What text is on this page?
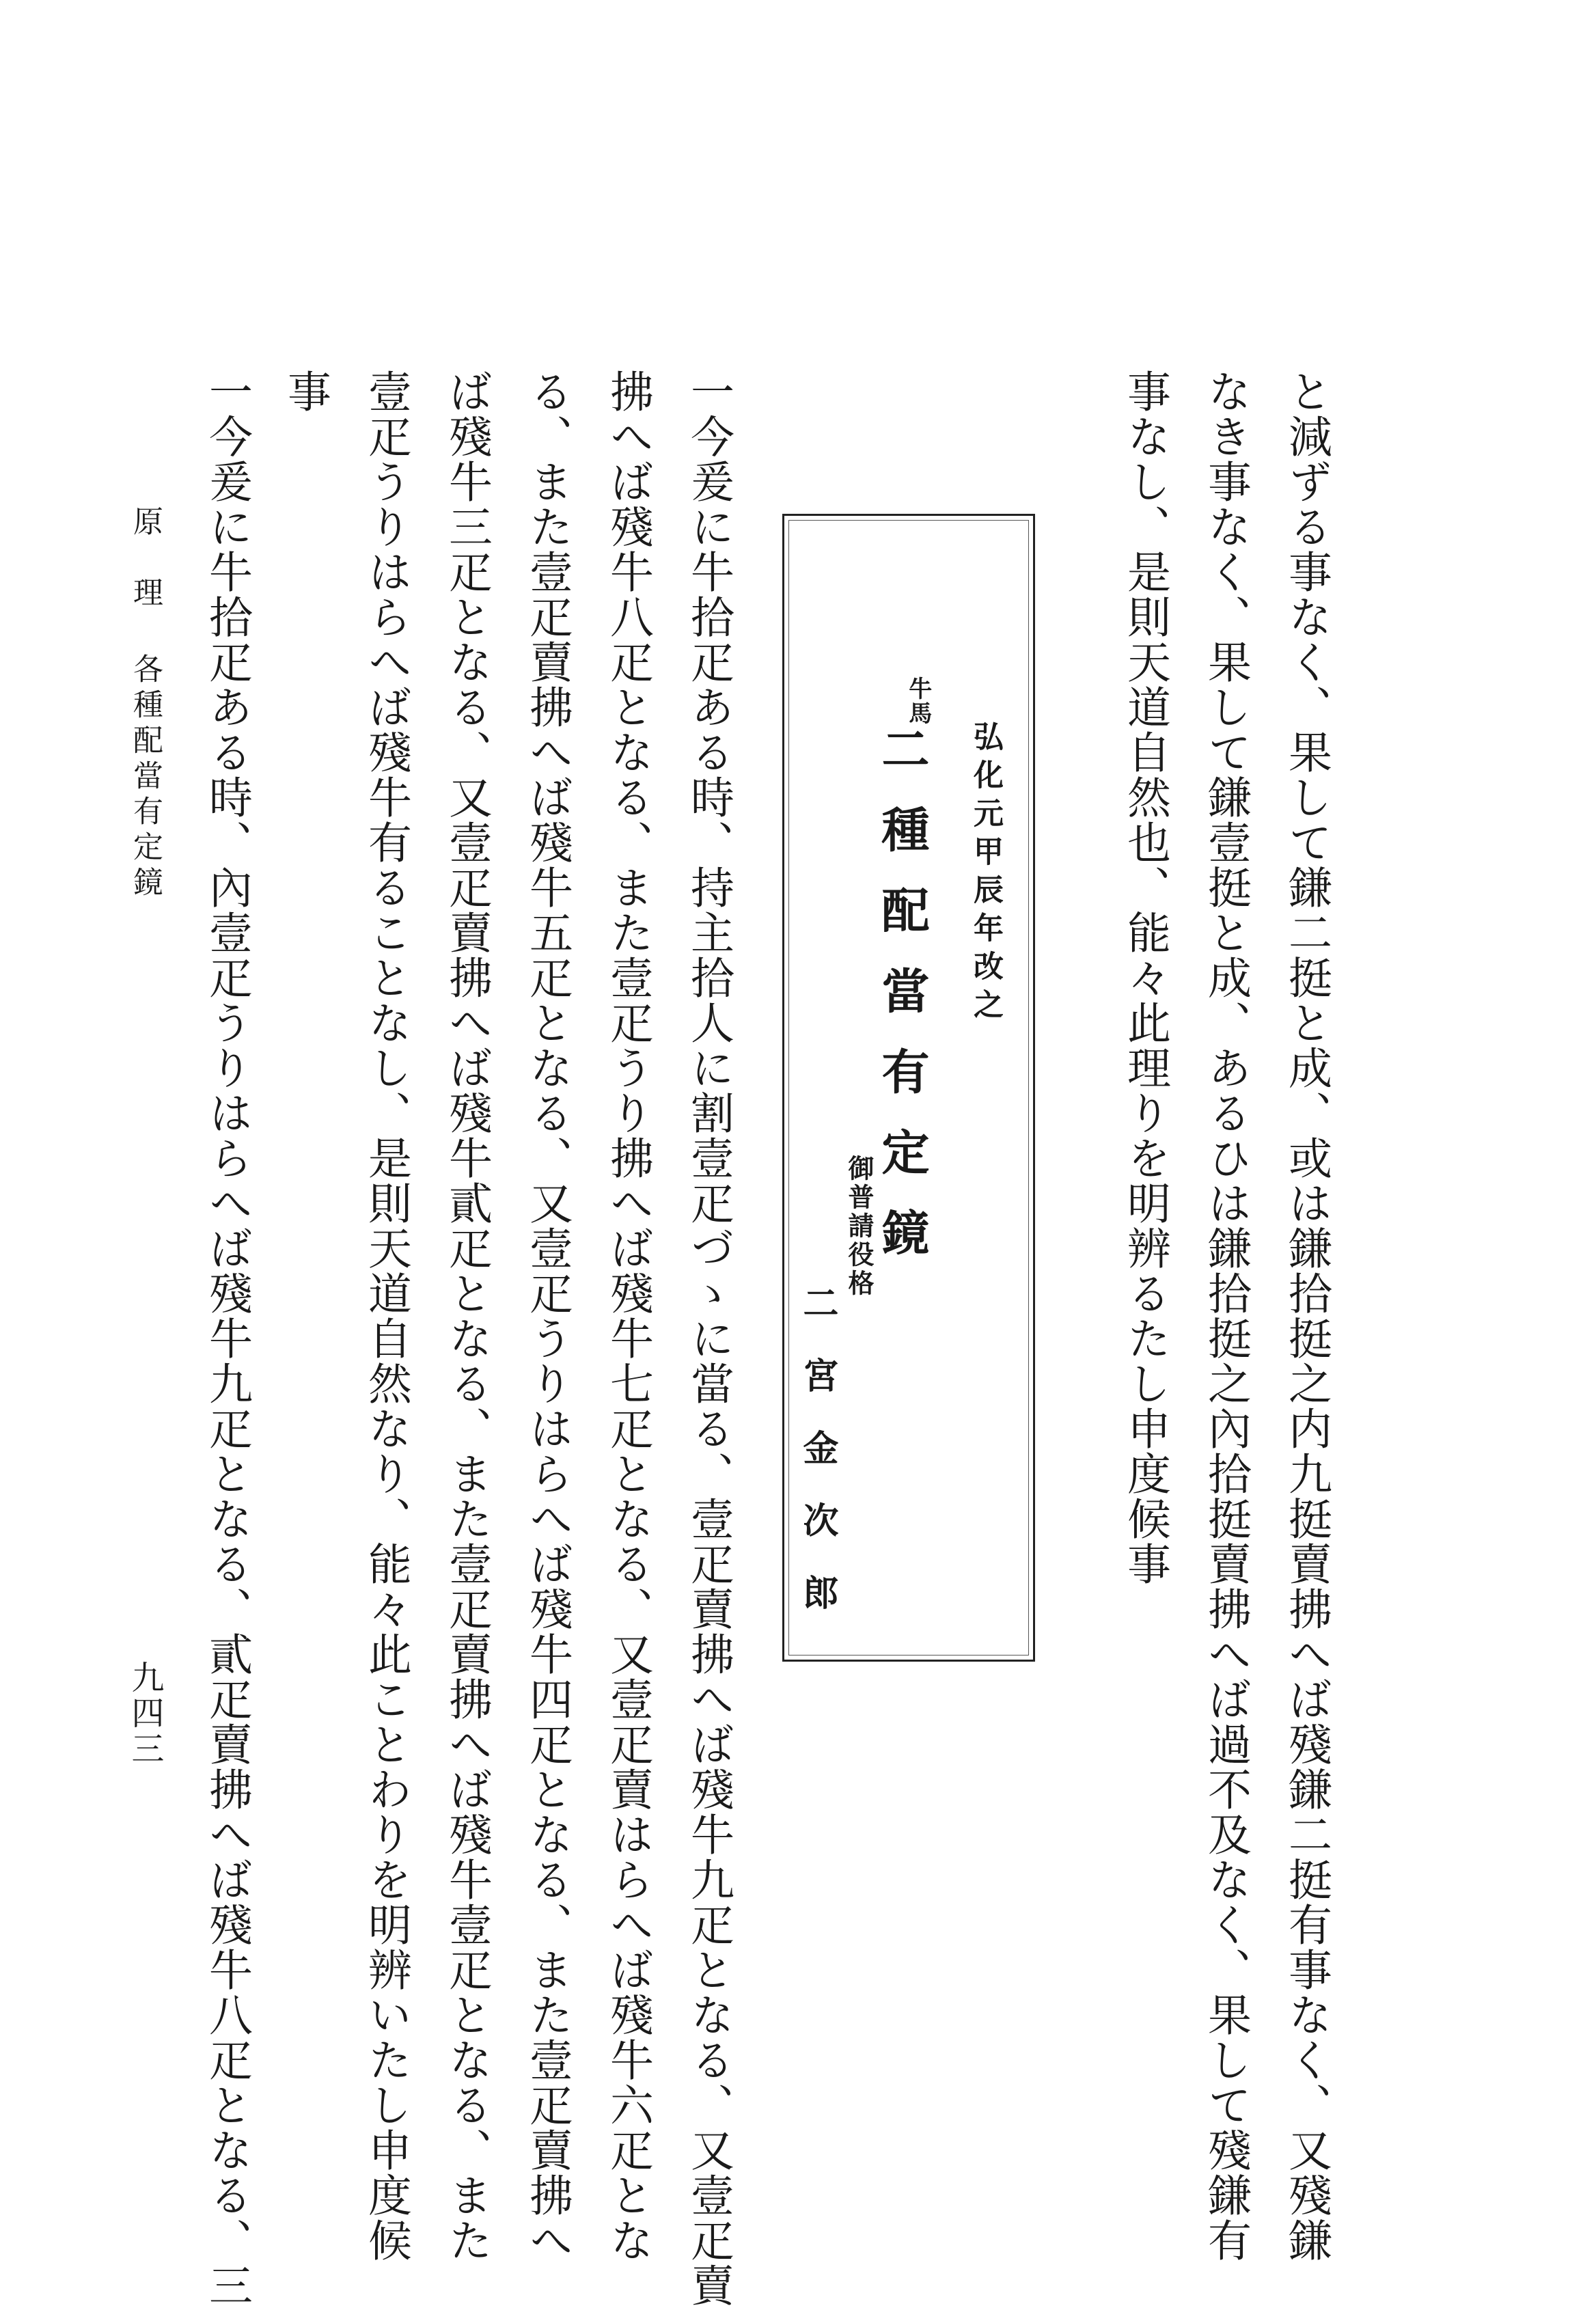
と減ずる事なく、果して鎌二挺と成、或は鎌拾挺之内九挺賣拂へば殘鎌二挺有事なく、又殘鎌
なき事なく、果して鎌壹挺と成、あるひは鎌拾挺之內拾挺賣拂へば過不及なく、果して殘鎌有
事なし、是則天道自然也、能々此理りを明辨るたし申度候事
弘化元甲辰年改之
牛馬
二種配當有定鏡
御普請役格
二宮金次郎
一今爰に牛拾疋ある時、持主拾人に割壹疋づゝに當る、壹疋賣拂へば殘牛九疋となる、又壹疋賣
拂へば殘牛八疋となる、また壹疋うり拂へば殘牛七疋となる、又壹疋賣はらへば殘牛六疋とな
る、また壹疋賣拂へば殘牛五疋となる、又壹疋うりはらへば殘牛四疋となる、また壹疋賣拂へ
ば殘牛三疋となる、又壹疋賣拂へば殘牛貳疋となる、また壹疋賣拂へば殘牛壹疋となる、また
壹疋うりはらへば殘牛有ることなし、是則天道自然なり、能々此ことわりを明辨いたし申度候
事
一今爰に牛拾疋ある時、內壹疋うりはらへば殘牛九疋となる、貳疋賣拂へば殘牛八疋となる、三
原　理各種配當有定鏡
九四三
